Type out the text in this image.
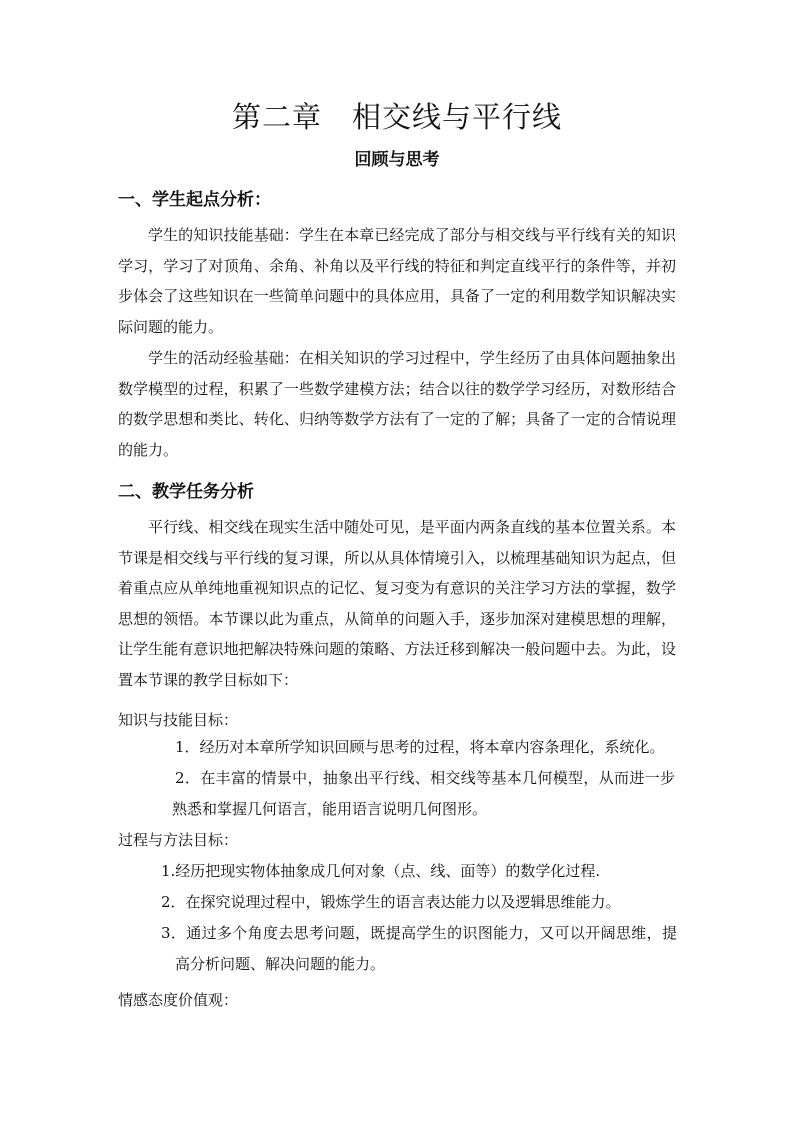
第二章　相交线与平行线
回顾与思考
一、学生起点分析：

学生的知识技能基础：学生在本章已经完成了部分与相交线与平行线有关的知识学习，学习了对顶角、余角、补角以及平行线的特征和判定直线平行的条件等，并初步体会了这些知识在一些简单问题中的具体应用，具备了一定的利用数学知识解决实际问题的能力。

学生的活动经验基础：在相关知识的学习过程中，学生经历了由具体问题抽象出数学模型的过程，积累了一些数学建模方法；结合以往的数学学习经历，对数形结合的数学思想和类比、转化、归纳等数学方法有了一定的了解；具备了一定的合情说理的能力。

二、教学任务分析

平行线、相交线在现实生活中随处可见，是平面内两条直线的基本位置关系。本节课是相交线与平行线的复习课，所以从具体情境引入，以梳理基础知识为起点，但着重点应从单纯地重视知识点的记忆、复习变为有意识的关注学习方法的掌握，数学思想的领悟。本节课以此为重点，从简单的问题入手，逐步加深对建模思想的理解，让学生能有意识地把解决特殊问题的策略、方法迁移到解决一般问题中去。为此，设置本节课的教学目标如下：

知识与技能目标：

1．经历对本章所学知识回顾与思考的过程，将本章内容条理化，系统化。

2．在丰富的情景中，抽象出平行线、相交线等基本几何模型，从而进一步熟悉和掌握几何语言，能用语言说明几何图形。

过程与方法目标：

1.经历把现实物体抽象成几何对象（点、线、面等）的数学化过程.

2．在探究说理过程中，锻炼学生的语言表达能力以及逻辑思维能力。

3．通过多个角度去思考问题，既提高学生的识图能力，又可以开阔思维，提高分析问题、解决问题的能力。

情感态度价值观：
